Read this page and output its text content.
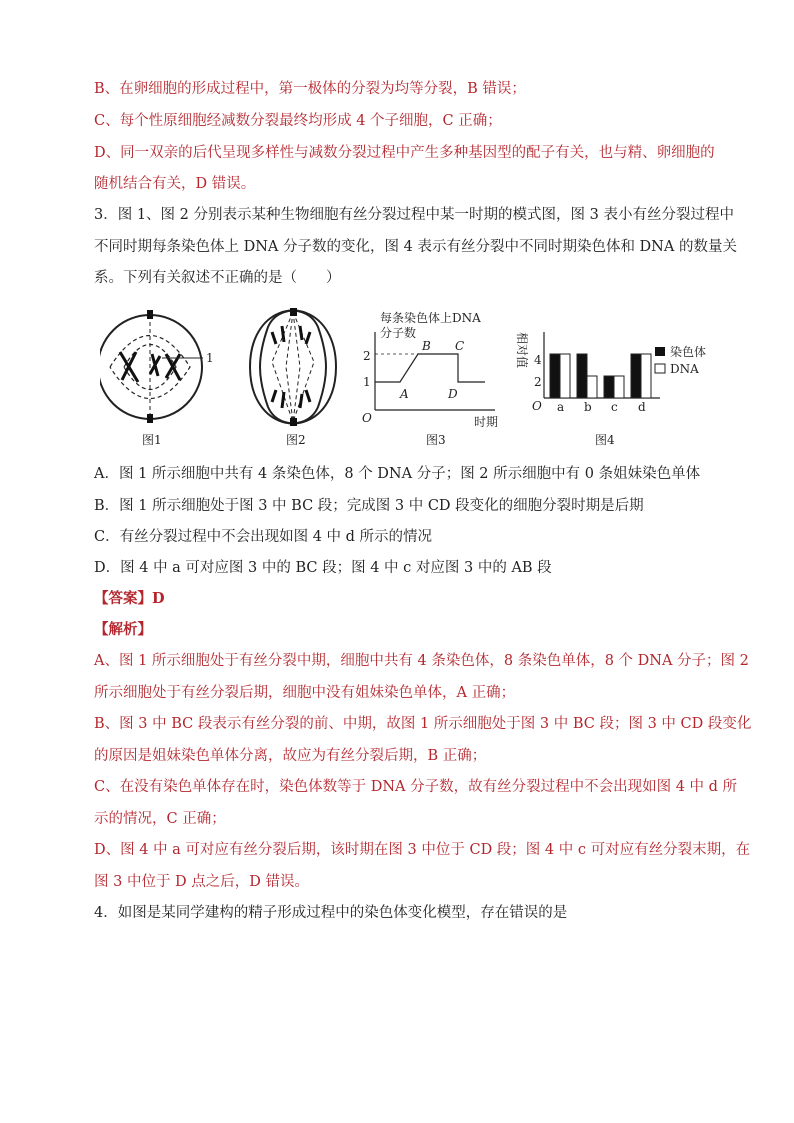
B、在卵细胞的形成过程中，第一极体的分裂为均等分裂，B 错误；
C、每个性原细胞经减数分裂最终均形成 4 个子细胞，C 正确；
D、同一双亲的后代呈现多样性与减数分裂过程中产生多种基因型的配子有关，也与精、卵细胞的
随机结合有关，D 错误。
3．图 1、图 2 分别表示某种生物细胞有丝分裂过程中某一时期的模式图，图 3 表小有丝分裂过程中
不同时期每条染色体上 DNA 分子数的变化，图 4 表示有丝分裂中不同时期染色体和 DNA 的数量关
系。下列有关叙述不正确的是（　　）
1
图1	图2
每条染色体上DNA
分子数
O
2
1
A
B C
D
时期
图3
相对值
O
4
2
a b c d
染色体
DNA
图4
A．图 1 所示细胞中共有 4 条染色体，8 个 DNA 分子；图 2 所示细胞中有 0 条姐妹染色单体
B．图 1 所示细胞处于图 3 中 BC 段；完成图 3 中 CD 段变化的细胞分裂时期是后期
C．有丝分裂过程中不会出现如图 4 中 d 所示的情况
D．图 4 中 a 可对应图 3 中的 BC 段；图 4 中 c 对应图 3 中的 AB 段
【答案】D
【解析】
A、图 1 所示细胞处于有丝分裂中期，细胞中共有 4 条染色体，8 条染色单体，8 个 DNA 分子；图 2
所示细胞处于有丝分裂后期，细胞中没有姐妹染色单体，A 正确；
B、图 3 中 BC 段表示有丝分裂的前、中期，故图 1 所示细胞处于图 3 中 BC 段；图 3 中 CD 段变化
的原因是姐妹染色单体分离，故应为有丝分裂后期，B 正确；
C、在没有染色单体存在时，染色体数等于 DNA 分子数，故有丝分裂过程中不会出现如图 4 中 d 所
示的情况，C 正确；
D、图 4 中 a 可对应有丝分裂后期，该时期在图 3 中位于 CD 段；图 4 中 c 可对应有丝分裂末期，在
图 3 中位于 D 点之后，D 错误。
4．如图是某同学建构的精子形成过程中的染色体变化模型，存在错误的是
